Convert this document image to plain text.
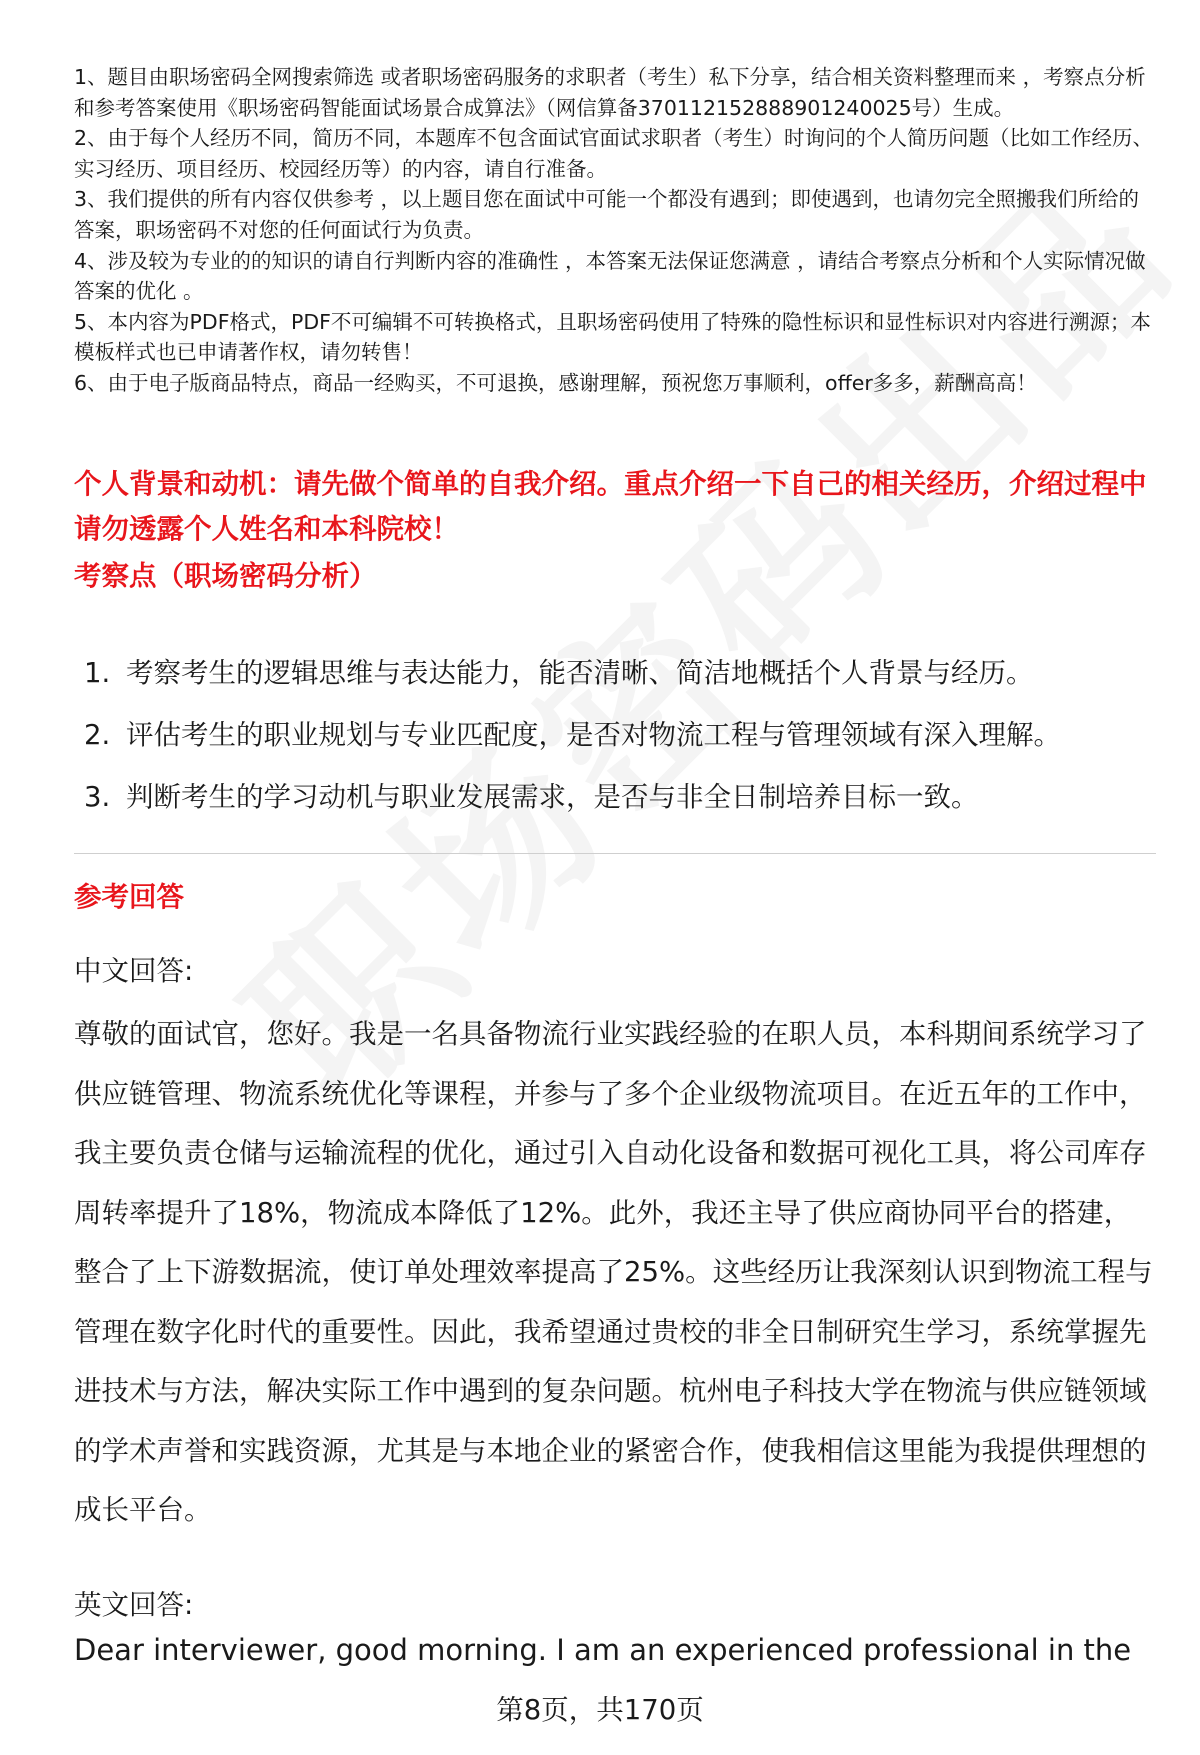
1、题目由职场密码全网搜索筛选 或者职场密码服务的求职者（考生）私下分享，结合相关资料整理而来 ，考察点分析和参考答案使用《职场密码智能面试场景合成算法》（网信算备370112152888901240025号）生成。

2、由于每个人经历不同，简历不同，本题库不包含面试官面试求职者（考生）时询问的个人简历问题（比如工作经历、实习经历、项目经历、校园经历等）的内容，请自行准备。

3、我们提供的所有内容仅供参考 ，以上题目您在面试中可能一个都没有遇到；即使遇到，也请勿完全照搬我们所给的答案，职场密码不对您的任何面试行为负责。

4、涉及较为专业的的知识的请自行判断内容的准确性 ，本答案无法保证您满意 ，请结合考察点分析和个人实际情况做答案的优化 。

5、本内容为PDF格式，PDF不可编辑不可转换格式，且职场密码使用了特殊的隐性标识和显性标识对内容进行溯源；本模板样式也已申请著作权，请勿转售！

6、由于电子版商品特点，商品一经购买，不可退换，感谢理解，预祝您万事顺利，offer多多，薪酬高高！

个人背景和动机：请先做个简单的自我介绍。重点介绍一下自己的相关经历，介绍过程中请勿透露个人姓名和本科院校！
考察点（职场密码分析）
1. 考察考生的逻辑思维与表达能力，能否清晰、简洁地概括个人背景与经历。
2. 评估考生的职业规划与专业匹配度，是否对物流工程与管理领域有深入理解。
3. 判断考生的学习动机与职业发展需求，是否与非全日制培养目标一致。
参考回答
中文回答:
尊敬的面试官，您好。我是一名具备物流行业实践经验的在职人员，本科期间系统学习了供应链管理、物流系统优化等课程，并参与了多个企业级物流项目。在近五年的工作中，我主要负责仓储与运输流程的优化，通过引入自动化设备和数据可视化工具，将公司库存周转率提升了18%，物流成本降低了12%。此外，我还主导了供应商协同平台的搭建，整合了上下游数据流，使订单处理效率提高了25%。这些经历让我深刻认识到物流工程与管理在数字化时代的重要性。因此，我希望通过贵校的非全日制研究生学习，系统掌握先进技术与方法，解决实际工作中遇到的复杂问题。杭州电子科技大学在物流与供应链领域的学术声誉和实践资源，尤其是与本地企业的紧密合作，使我相信这里能为我提供理想的成长平台。
英文回答:
Dear interviewer, good morning. I am an experienced professional in the
第8页，共170页
